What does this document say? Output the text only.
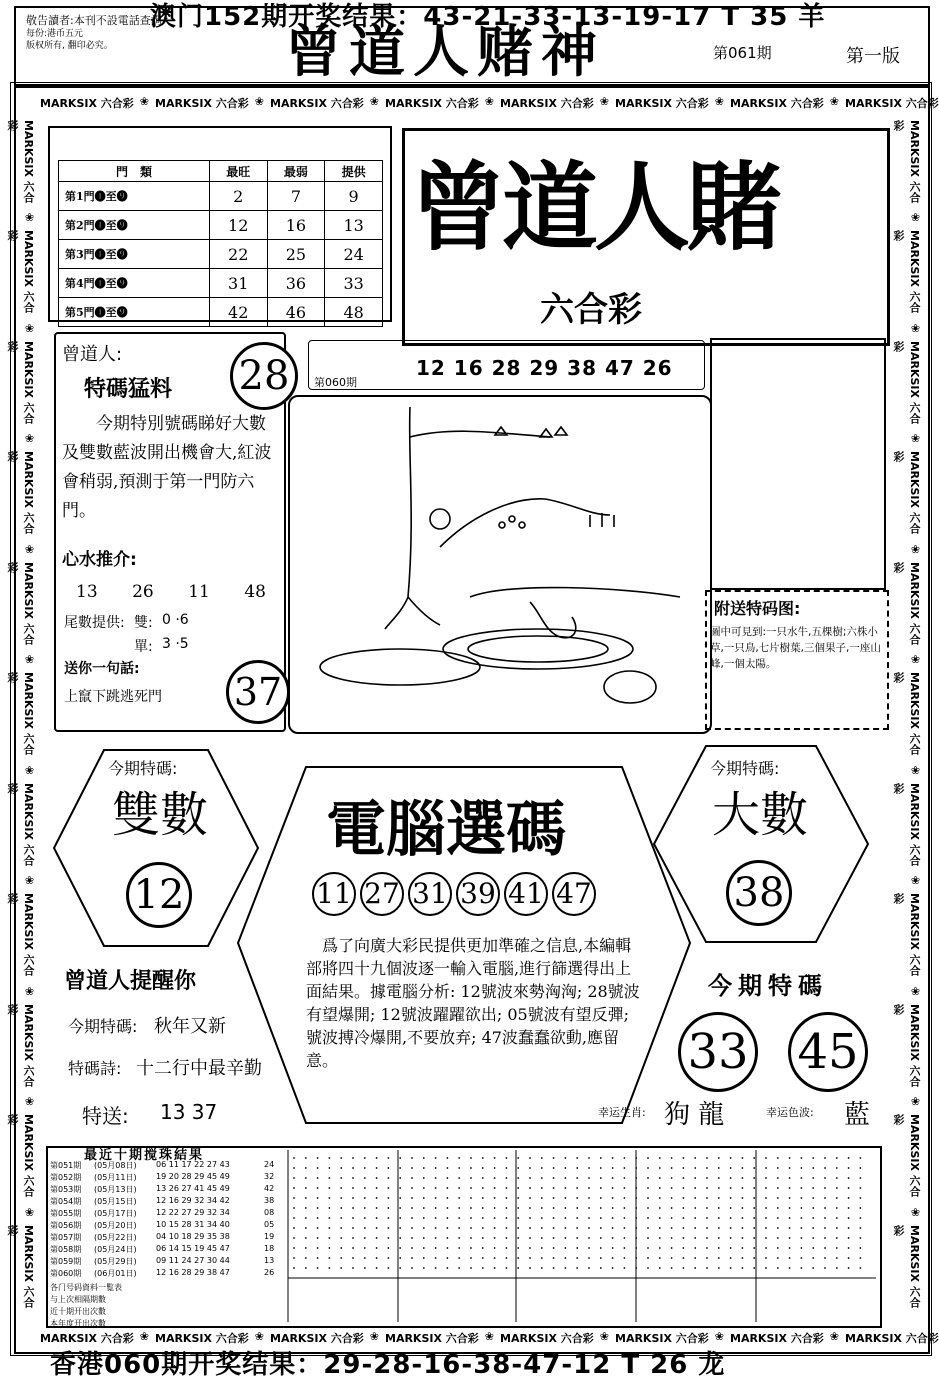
澳门152期开奖结果：43-21-33-13-19-17 T 35 羊
敬告讀者:本刊不設電話查詢
每份:港币五元
版权所有, 翻印必究。	曾道人赌神	第061期	第一版
MARKSIX 六合彩 ❀ MARKSIX 六合彩 ❀ MARKSIX 六合彩 ❀ MARKSIX 六合彩 ❀ MARKSIX 六合彩 ❀ MARKSIX 六合彩 ❀ MARKSIX 六合彩 ❀ MARKSIX 六合彩
MARKSIX 六合彩 ❀ MARKSIX 六合彩 ❀ MARKSIX 六合彩 ❀ MARKSIX 六合彩 ❀ MARKSIX 六合彩 ❀ MARKSIX 六合彩 ❀ MARKSIX 六合彩 ❀ MARKSIX 六合彩
MARKSIX 六合彩
❀
MARKSIX 六合彩
❀
MARKSIX 六合彩
❀
MARKSIX 六合彩
❀
MARKSIX 六合彩
❀
MARKSIX 六合彩
❀
MARKSIX 六合彩
❀
MARKSIX 六合彩
❀
MARKSIX 六合彩
❀
MARKSIX 六合彩
❀
MARKSIX 六合彩
MARKSIX 六合彩
❀
MARKSIX 六合彩
❀
MARKSIX 六合彩
❀
MARKSIX 六合彩
❀
MARKSIX 六合彩
❀
MARKSIX 六合彩
❀
MARKSIX 六合彩
❀
MARKSIX 六合彩
❀
MARKSIX 六合彩
❀
MARKSIX 六合彩
❀
MARKSIX 六合彩
門　類	最旺	最弱	提供
第1門❶至❾	2	7	9
第2門❶至❾	12	16	13
第3門❶至❾	22	25	24
第4門❶至❾	31	36	33
第5門❶至❾	42	46	48
曾道人賭
六合彩
曾道人:
特碼猛料 28
今期特別號碼睇好大數及雙數藍波開出機會大,紅波會稍弱,預測于第一門防六門。
心水推介:
13 26 11 48
尾數提供: 雙: 0 ·6
單: 3 ·5
送你一句話:
上竄下跳逃死門 37
第060期
12 16 28 29 38 47 26
附送特码图:
圖中可見到:一只水牛,五棵樹;六株小草,一只鳥,七片樹葉,三個果子,一座山峰,一個太陽。
今期特碼:
雙數
12
今期特碼:
大數
38
電腦選碼
11 27 31 39 41 47
爲了向廣大彩民提供更加準確之信息,本編輯部將四十九個波逐一輸入電腦,進行篩選得出上面結果。據電腦分析: 12號波來勢洶洶; 28號波有望爆開; 12號波躍躍欲出; 05號波有望反彈; 號波搏冷爆開,不要放弃; 47波蠢蠢欲動,應留意。
曾道人提醒你
今期特碼: 秋年又新
特碼詩: 十二行中最辛勤
特送: 13 37
今期特碼
33 45
幸运生肖: 狗 龍	幸运色波: 藍
最近十期搅珠結果
第051期	(05月08日)	06 11 17 22 27 43	24
第052期	(05月11日)	19 20 28 29 45 49	32
第053期	(05月13日)	13 26 27 41 45 49	42
第054期	(05月15日)	12 16 29 32 34 42	38
第055期	(05月17日)	12 22 27 29 32 34	08
第056期	(05月20日)	10 15 28 31 34 40	05
第057期	(05月22日)	04 10 18 29 35 38	19
第058期	(05月24日)	06 14 15 19 45 47	18
第059期	(05月29日)	09 11 24 27 30 44	13
第060期	(06月01日)	12 16 28 29 38 47	26
各门号码資料一覧表
与上次相隔期數
近十期开出次數
本年度开出次數
香港060期开奖结果：29-28-16-38-47-12 T 26 龙
